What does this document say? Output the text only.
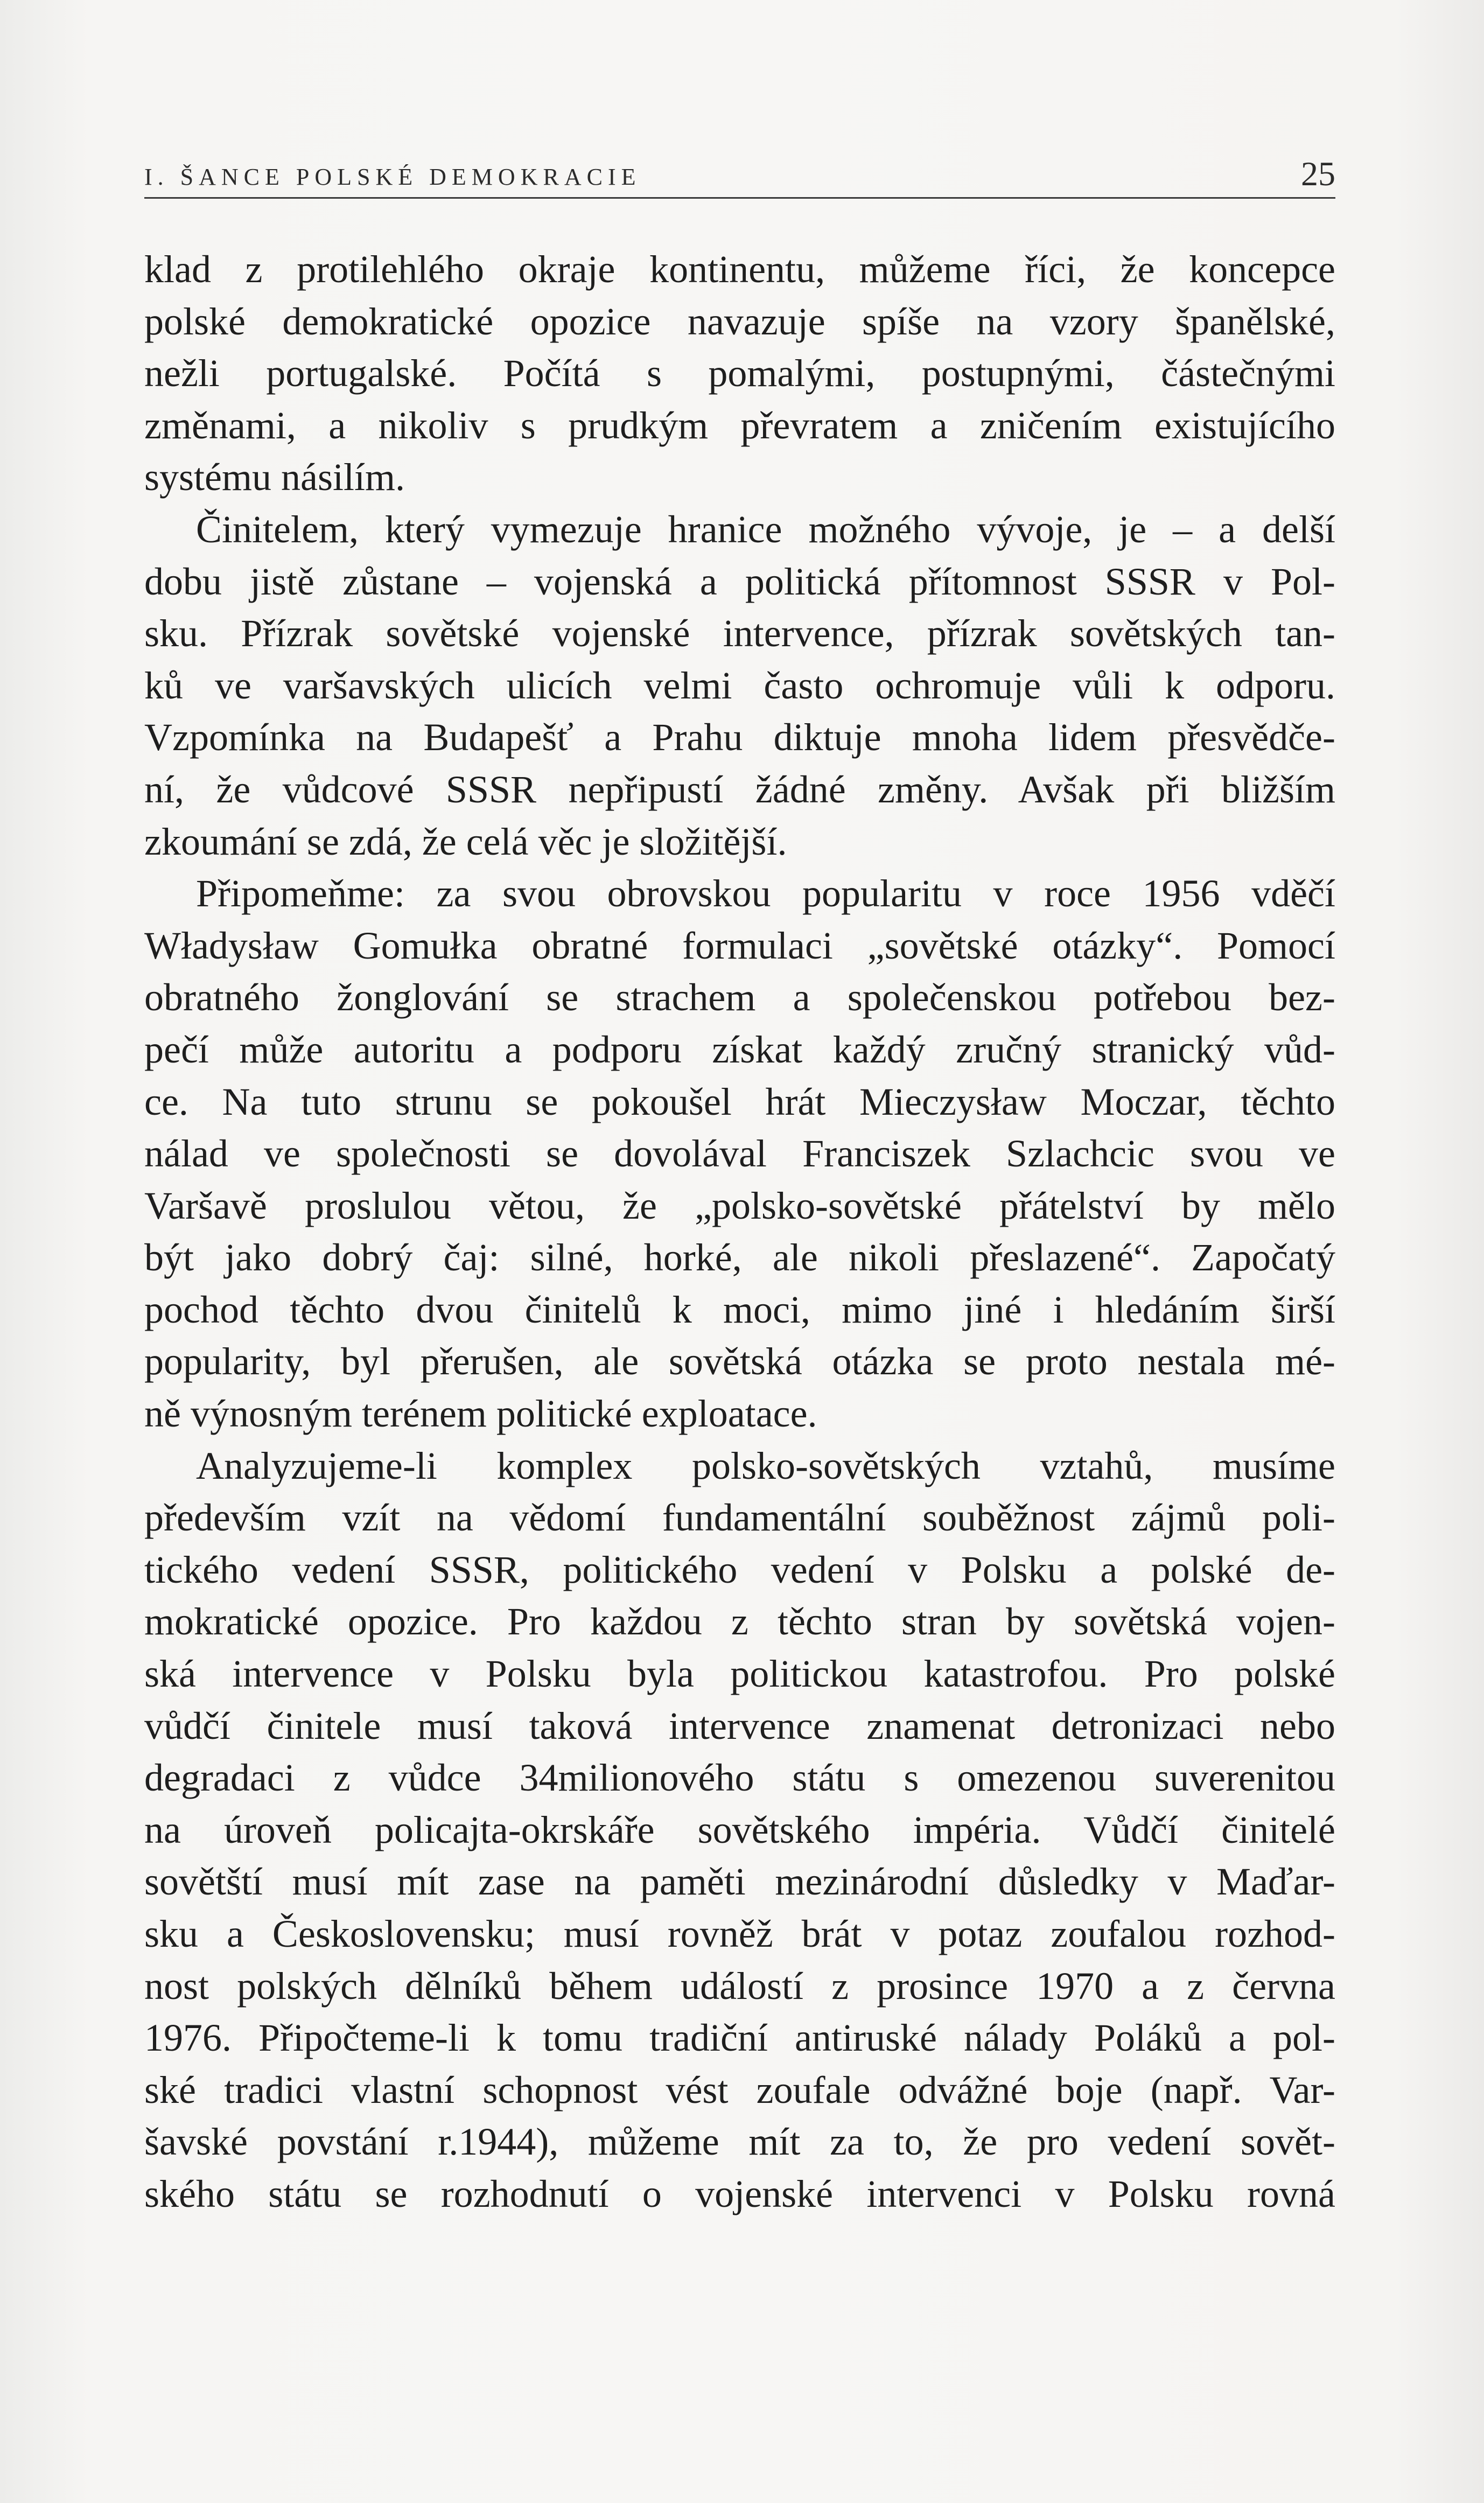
I. ŠANCE POLSKÉ DEMOKRACIE	25
klad z protilehlého okraje kontinentu, můžeme říci, že koncepce
polské demokratické opozice navazuje spíše na vzory španělské,
nežli portugalské. Počítá s pomalými, postupnými, částečnými
změnami, a nikoliv s prudkým převratem a zničením existujícího
systému násilím.
Činitelem, který vymezuje hranice možného vývoje, je – a delší
dobu jistě zůstane – vojenská a politická přítomnost SSSR v Pol-
sku. Přízrak sovětské vojenské intervence, přízrak sovětských tan-
ků ve varšavských ulicích velmi často ochromuje vůli k odporu.
Vzpomínka na Budapešť a Prahu diktuje mnoha lidem přesvědče-
ní, že vůdcové SSSR nepřipustí žádné změny. Avšak při bližším
zkoumání se zdá, že celá věc je složitější.
Připomeňme: za svou obrovskou popularitu v roce 1956 vděčí
Władysław Gomułka obratné formulaci „sovětské otázky“. Pomocí
obratného žonglování se strachem a společenskou potřebou bez-
pečí může autoritu a podporu získat každý zručný stranický vůd-
ce. Na tuto strunu se pokoušel hrát Mieczysław Moczar, těchto
nálad ve společnosti se dovolával Franciszek Szlachcic svou ve
Varšavě proslulou větou, že „polsko-sovětské přátelství by mělo
být jako dobrý čaj: silné, horké, ale nikoli přeslazené“. Započatý
pochod těchto dvou činitelů k moci, mimo jiné i hledáním širší
popularity, byl přerušen, ale sovětská otázka se proto nestala mé-
ně výnosným terénem politické exploatace.
Analyzujeme-li komplex polsko-sovětských vztahů, musíme
především vzít na vědomí fundamentální souběžnost zájmů poli-
tického vedení SSSR, politického vedení v Polsku a polské de-
mokratické opozice. Pro každou z těchto stran by sovětská vojen-
ská intervence v Polsku byla politickou katastrofou. Pro polské
vůdčí činitele musí taková intervence znamenat detronizaci nebo
degradaci z vůdce 34milionového státu s omezenou suverenitou
na úroveň policajta-okrskáře sovětského impéria. Vůdčí činitelé
sovětští musí mít zase na paměti mezinárodní důsledky v Maďar-
sku a Československu; musí rovněž brát v potaz zoufalou rozhod-
nost polských dělníků během událostí z prosince 1970 a z června
1976. Připočteme-li k tomu tradiční antiruské nálady Poláků a pol-
ské tradici vlastní schopnost vést zoufale odvážné boje (např. Var-
šavské povstání r.1944), můžeme mít za to, že pro vedení sovět-
ského státu se rozhodnutí o vojenské intervenci v Polsku rovná
